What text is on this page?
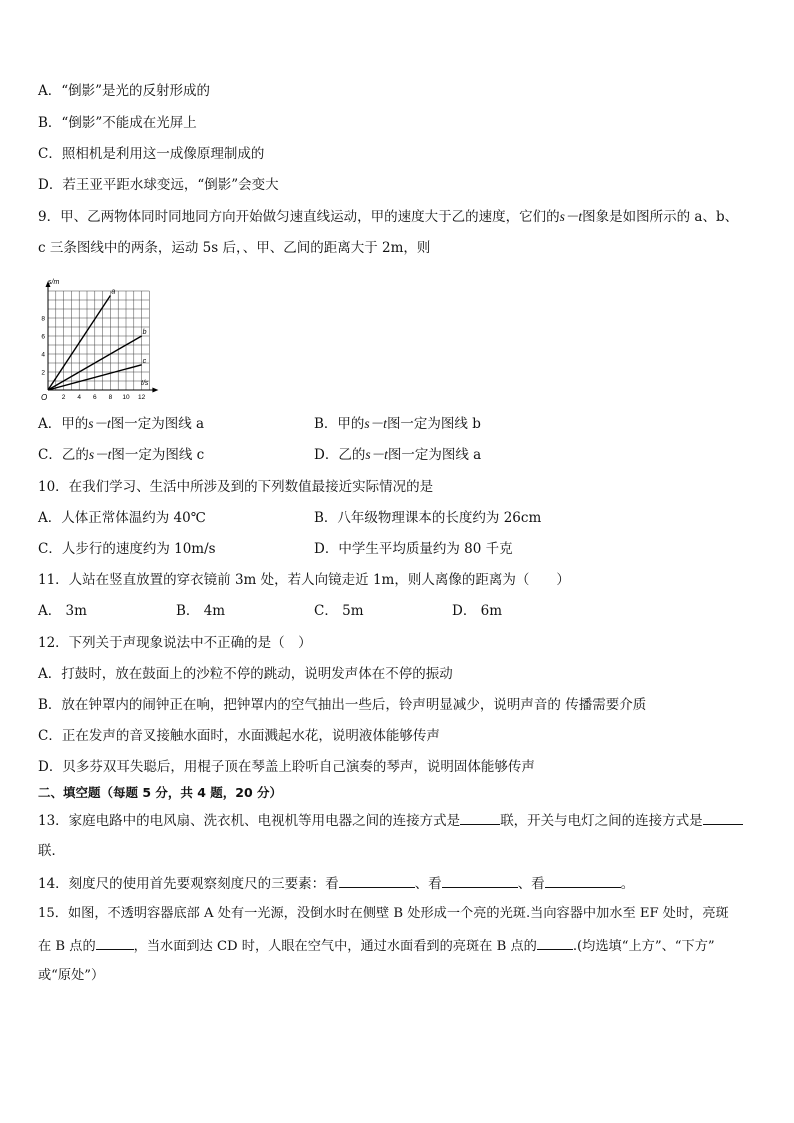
A．“倒影”是光的反射形成的
B．“倒影”不能成在光屏上
C．照相机是利用这一成像原理制成的
D．若王亚平距水球变远，“倒影”会变大
9．甲、乙两物体同时同地同方向开始做匀速直线运动，甲的速度大于乙的速度，它们的s－t图象是如图所示的 a、b、
c 三条图线中的两条，运动 5s 后，、甲、乙间的距离大于 2m，则
2 4 6 8 10 12
2
4
6
8
a
b
c
s/m
t/s
O
A．甲的s－t图一定为图线 a	B．甲的s－t图一定为图线 b
C．乙的s－t图一定为图线 c	D．乙的s－t图一定为图线 a
10．在我们学习、生活中所涉及到的下列数值最接近实际情况的是
A．人体正常体温约为 40℃	B．八年级物理课本的长度约为 26cm
C．人步行的速度约为 10m/s	D．中学生平均质量约为 80 千克
11．人站在竖直放置的穿衣镜前 3m 处，若人向镜走近 1m，则人离像的距离为（　　）
A． 3m	B． 4m	C． 5m	D． 6m
12．下列关于声现象说法中不正确的是（　）
A．打鼓时，放在鼓面上的沙粒不停的跳动，说明发声体在不停的振动
B．放在钟罩内的闹钟正在响，把钟罩内的空气抽出一些后，铃声明显减少，说明声音的 传播需要介质
C．正在发声的音叉接触水面时，水面溅起水花，说明液体能够传声
D．贝多芬双耳失聪后，用棍子顶在琴盖上聆听自己演奏的琴声，说明固体能够传声
二、填空题（每题 5 分，共 4 题，20 分）
13．家庭电路中的电风扇、洗衣机、电视机等用电器之间的连接方式是	联，开关与电灯之间的连接方式是
联．
14．刻度尺的使用首先要观察刻度尺的三要素：看	、看	、看	。
15．如图，不透明容器底部 A 处有一光源，没倒水时在侧壁 B 处形成一个亮的光斑.当向容器中加水至 EF 处时，亮斑
在 B 点的	，当水面到达 CD 时，人眼在空气中，通过水面看到的亮斑在 B 点的	.(均选填“上方”、“下方”
或“原处”）
